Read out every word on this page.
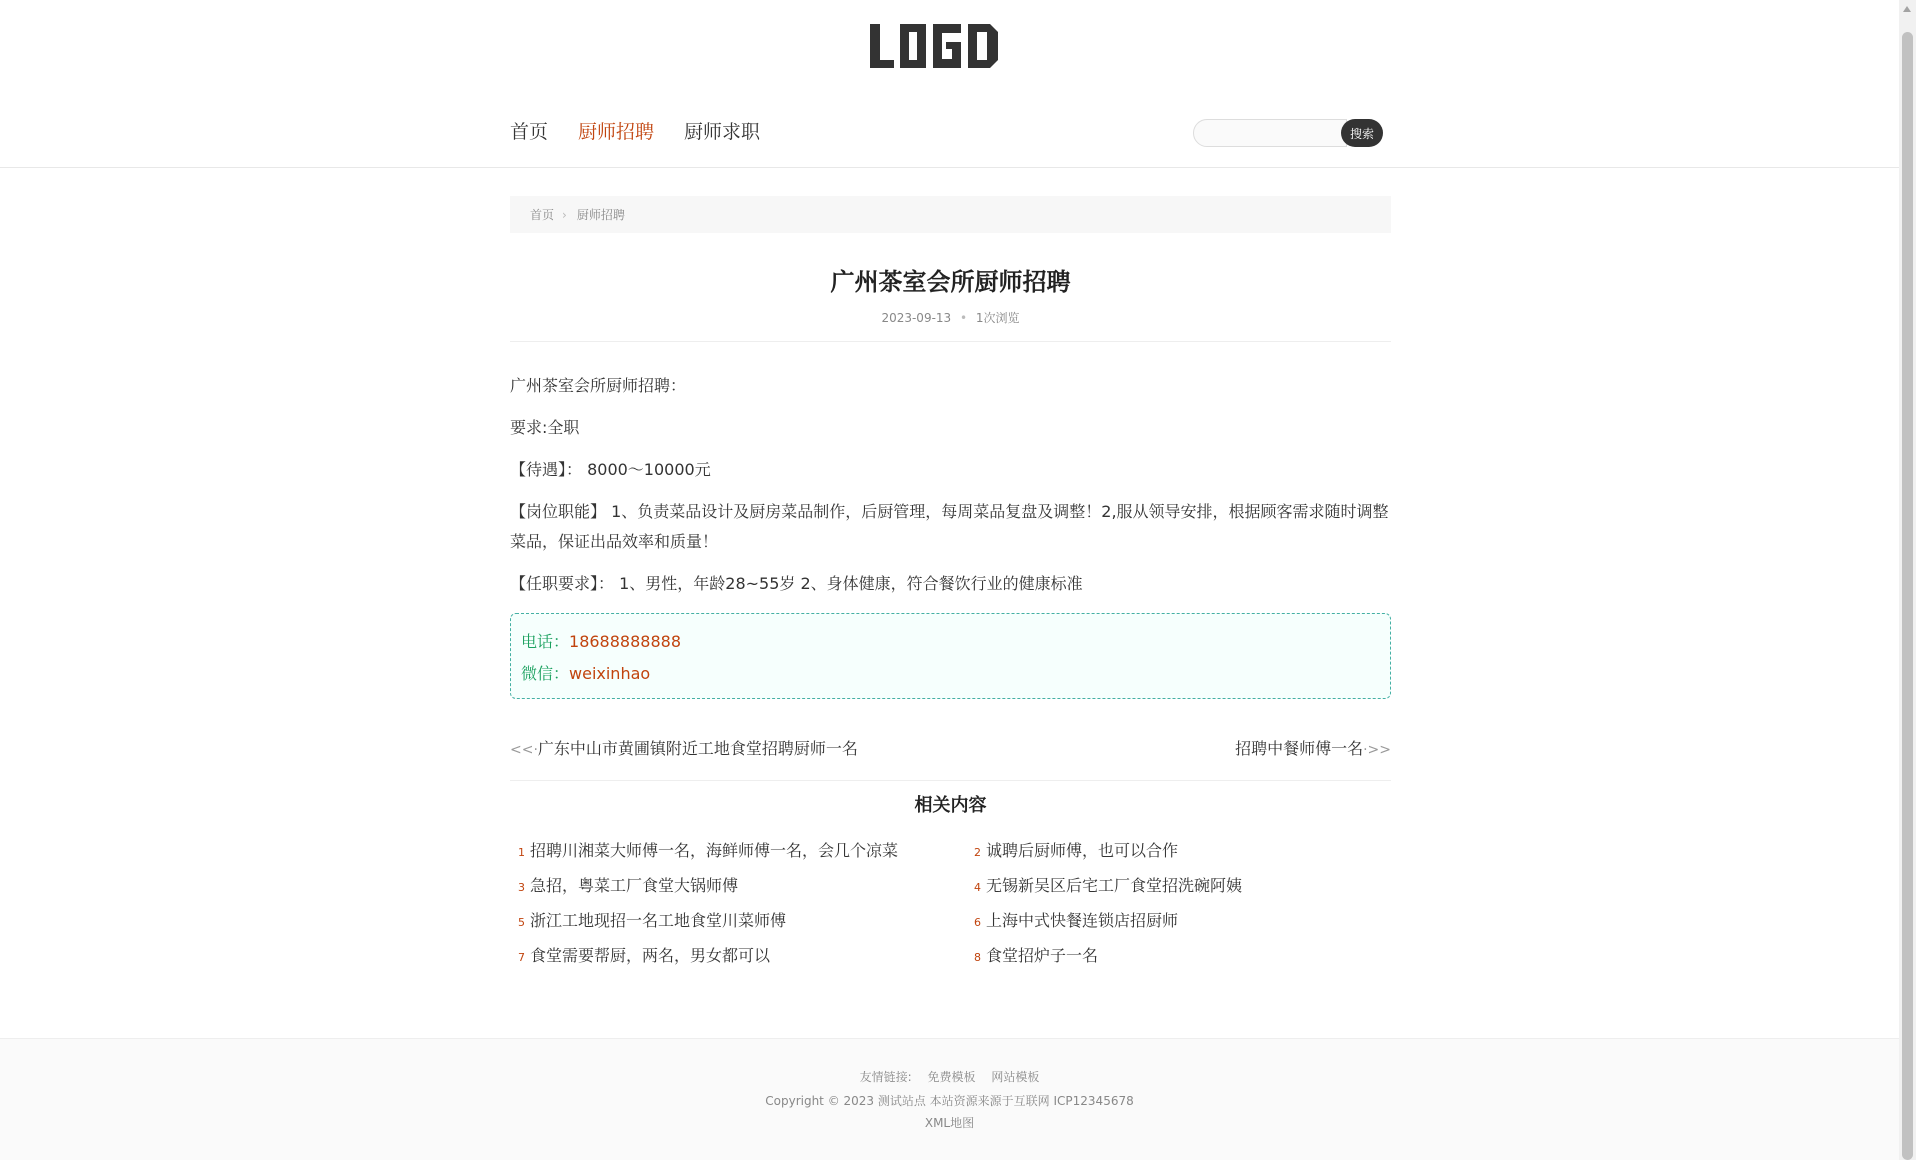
首页 厨师招聘 厨师求职	搜索
首页 › 厨师招聘
广州茶室会所厨师招聘
2023-09-13 • 1次浏览

广州茶室会所厨师招聘：

要求:全职

【待遇】： 8000～10000元

【岗位职能】 1、负责菜品设计及厨房菜品制作，后厨管理，每周菜品复盘及调整！2,服从领导安排，根据顾客需求随时调整菜品，保证出品效率和质量！

【任职要求】： 1、男性，年龄28~55岁 2、身体健康，符合餐饮行业的健康标准

电话：18688888888
微信：weixinhao
<<·广东中山市黄圃镇附近工地食堂招聘厨师一名	招聘中餐师傅一名·>>
相关内容
1 招聘川湘菜大师傅一名，海鲜师傅一名，会几个凉菜	2 诚聘后厨师傅，也可以合作
3 急招，粤菜工厂食堂大锅师傅	4 无锡新吴区后宅工厂食堂招洗碗阿姨
5 浙江工地现招一名工地食堂川菜师傅	6 上海中式快餐连锁店招厨师
7 食堂需要帮厨，两名，男女都可以	8 食堂招炉子一名
友情链接: 免费模板 网站模板
Copyright © 2023 测试站点 本站资源来源于互联网 ICP12345678
XML地图
